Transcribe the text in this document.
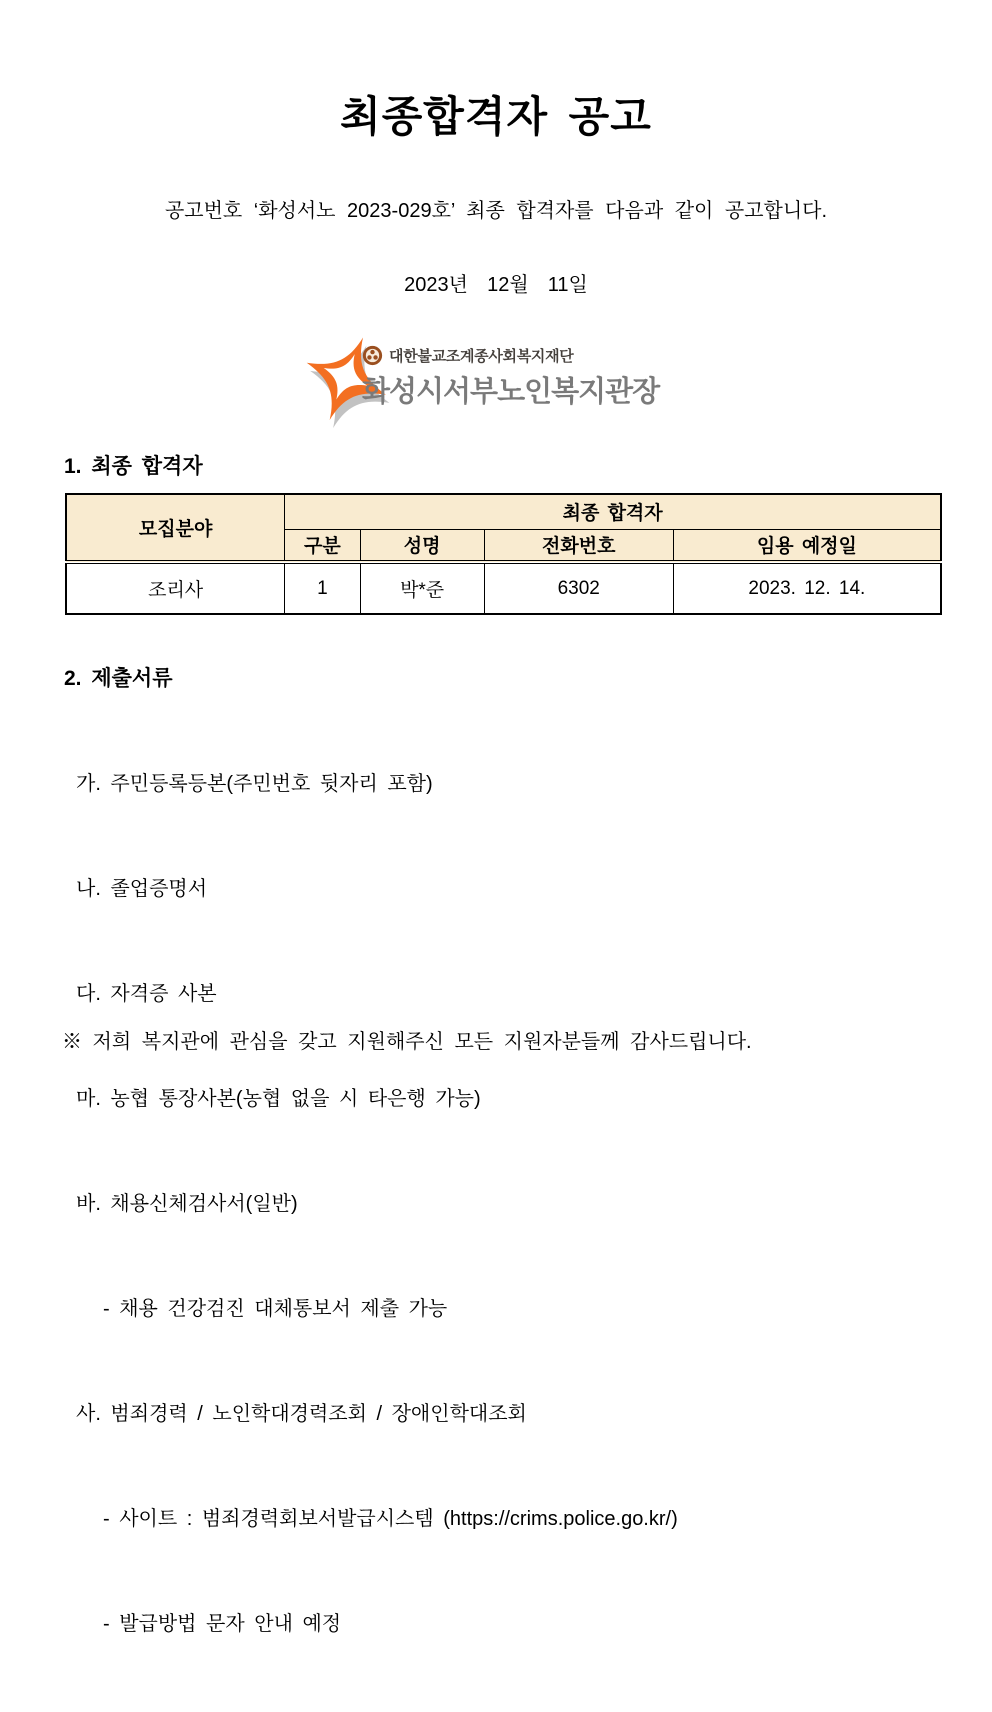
최종합격자 공고

공고번호 ‘화성서노 2023-029호’ 최종 합격자를 다음과 같이 공고합니다.

2023년  12월  11일

대한불교조계종사회복지재단
화성시서부노인복지관장
1. 최종 합격자
모집분야	최종 합격자			
	구분	성명	전화번호	임용 예정일
조리사	1	박*준	6302	2023. 12. 14.
2. 제출서류

가. 주민등록등본(주민번호 뒷자리 포함)

나. 졸업증명서

다. 자격증 사본

마. 농협 통장사본(농협 없을 시 타은행 가능)

바. 채용신체검사서(일반)

- 채용 건강검진 대체통보서 제출 가능

사. 범죄경력 / 노인학대경력조회 / 장애인학대조회

- 사이트 : 범죄경력회보서발급시스템 (https://crims.police.go.kr/)

- 발급방법 문자 안내 예정

※ 저희 복지관에 관심을 갖고 지원해주신 모든 지원자분들께 감사드립니다.
